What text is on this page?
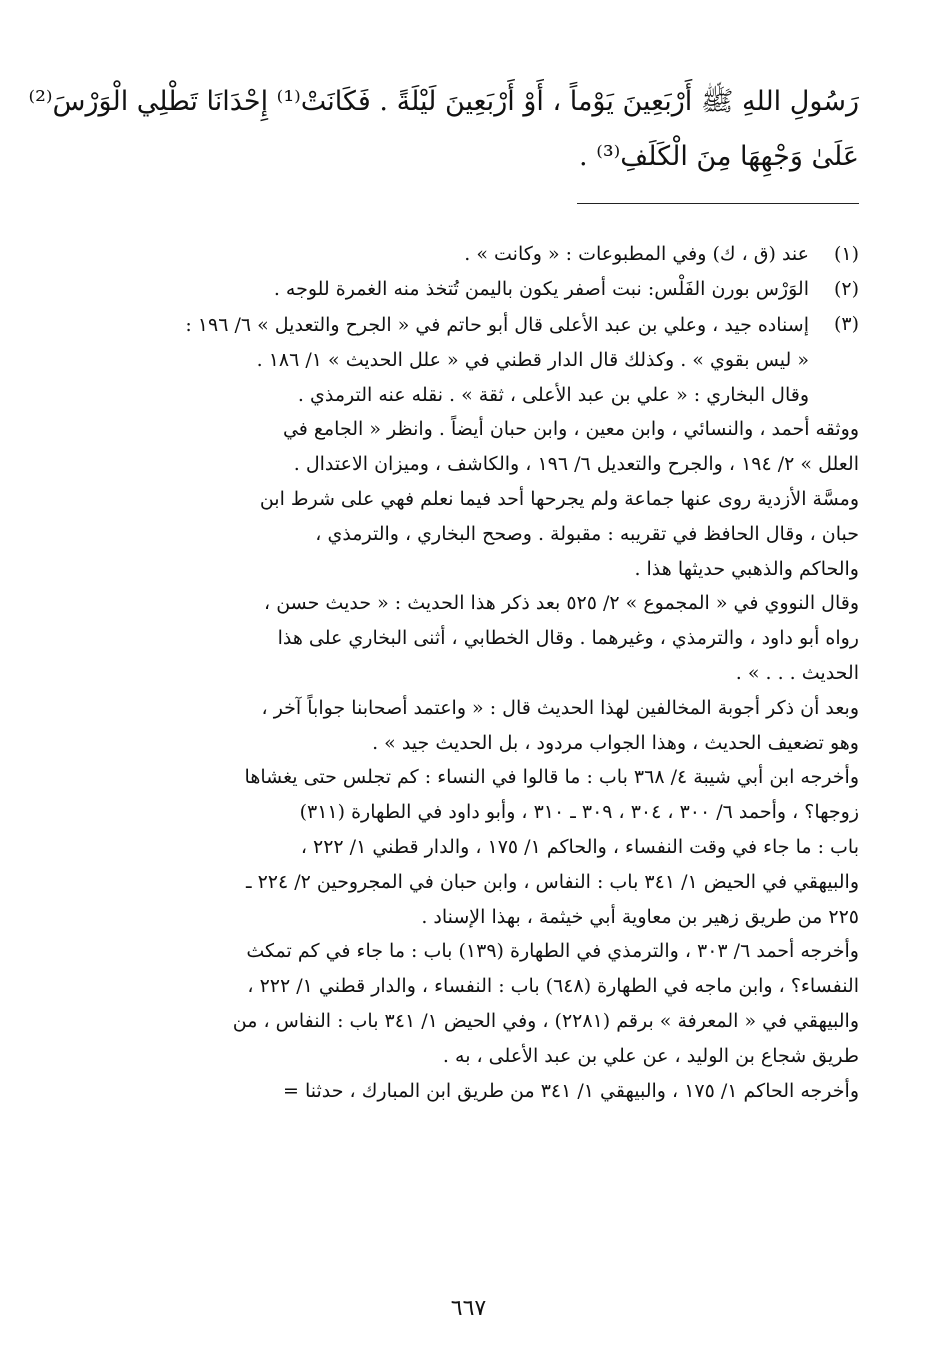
رَسُولِ اللهِ ﷺ أَرْبَعِينَ يَوْماً ، أَوْ أَرْبَعِينَ لَيْلَةً . فَكَانَتْ⁽¹⁾ إِحْدَانَا تَطْلِي الْوَرْسَ⁽²⁾
عَلَىٰ وَجْهِهَا مِنَ الْكَلَفِ⁽³⁾ .
(١)
عند (ق ، ك) وفي المطبوعات : « وكانت » .
(٢)
الوَرْس بورن الفَلْس: نبت أصفر يكون باليمن تُتخذ منه الغمرة للوجه .
(٣)
إسناده جيد ، وعلي بن عبد الأعلى قال أبو حاتم في « الجرح والتعديل » ٦/ ١٩٦ :
« ليس بقوي » . وكذلك قال الدار قطني في « علل الحديث » ١/ ١٨٦ .
وقال البخاري : « علي بن عبد الأعلى ، ثقة » . نقله عنه الترمذي .
ووثقه أحمد ، والنسائي ، وابن معين ، وابن حبان أيضاً . وانظر « الجامع في
العلل » ٢/ ١٩٤ ، والجرح والتعديل ٦/ ١٩٦ ، والكاشف ، وميزان الاعتدال .
ومسَّة الأزدية روى عنها جماعة ولم يجرحها أحد فيما نعلم فهي على شرط ابن
حبان ، وقال الحافظ في تقريبه : مقبولة . وصحح البخاري ، والترمذي ،
والحاكم والذهبي حديثها هذا .
وقال النووي في « المجموع » ٢/ ٥٢٥ بعد ذكر هذا الحديث : « حديث حسن ،
رواه أبو داود ، والترمذي ، وغيرهما . وقال الخطابي ، أثنى البخاري على هذا
الحديث . . . » .
وبعد أن ذكر أجوبة المخالفين لهذا الحديث قال : « واعتمد أصحابنا جواباً آخر ،
وهو تضعيف الحديث ، وهذا الجواب مردود ، بل الحديث جيد » .
وأخرجه ابن أبي شيبة ٤/ ٣٦٨ باب : ما قالوا في النساء : كم تجلس حتى يغشاها
زوجها؟ ، وأحمد ٦/ ٣٠٠ ، ٣٠٤ ، ٣٠٩ ـ ٣١٠ ، وأبو داود في الطهارة (٣١١)
باب : ما جاء في وقت النفساء ، والحاكم ١/ ١٧٥ ، والدار قطني ١/ ٢٢٢ ،
والبيهقي في الحيض ١/ ٣٤١ باب : النفاس ، وابن حبان في المجروحين ٢/ ٢٢٤ ـ
٢٢٥ من طريق زهير بن معاوية أبي خيثمة ، بهذا الإسناد .
وأخرجه أحمد ٦/ ٣٠٣ ، والترمذي في الطهارة (١٣٩) باب : ما جاء في كم تمكث
النفساء؟ ، وابن ماجه في الطهارة (٦٤٨) باب : النفساء ، والدار قطني ١/ ٢٢٢ ،
والبيهقي في « المعرفة » برقم (٢٢٨١) ، وفي الحيض ١/ ٣٤١ باب : النفاس ، من
طريق شجاع بن الوليد ، عن علي بن عبد الأعلى ، به .
وأخرجه الحاكم ١/ ١٧٥ ، والبيهقي ١/ ٣٤١ من طريق ابن المبارك ، حدثنا =
٦٦٧
